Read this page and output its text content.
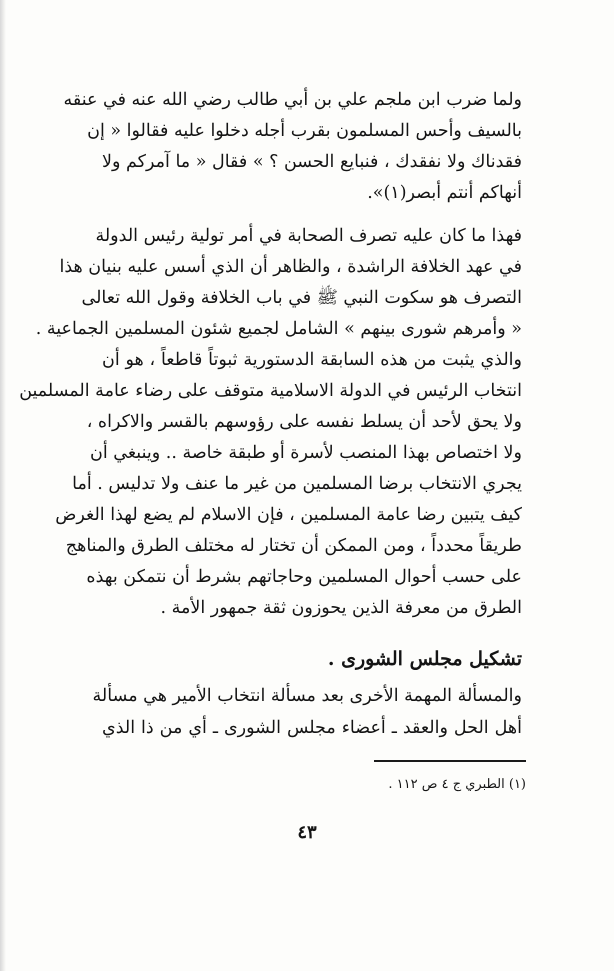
ولما ضرب ابن ملجم علي بن أبي طالب رضي الله عنه في عنقه
بالسيف وأحس المسلمون بقرب أجله دخلوا عليه فقالوا « إن
فقدناك ولا نفقدك ، فنبايع الحسن ؟ » فقال « ما آمركم ولا
أنهاكم أنتم أبصر(١)».
فهذا ما كان عليه تصرف الصحابة في أمر تولية رئيس الدولة
في عهد الخلافة الراشدة ، والظاهر أن الذي أسس عليه بنيان هذا
التصرف هو سكوت النبي ﷺ في باب الخلافة وقول الله تعالى
« وأمرهم شورى بينهم » الشامل لجميع شئون المسلمين الجماعية .
والذي يثبت من هذه السابقة الدستورية ثبوتاً قاطعاً ، هو أن
انتخاب الرئيس في الدولة الاسلامية متوقف على رضاء عامة المسلمين
ولا يحق لأحد أن يسلط نفسه على رؤوسهم بالقسر والاكراه ،
ولا اختصاص بهذا المنصب لأسرة أو طبقة خاصة .. وينبغي أن
يجري الانتخاب برضا المسلمين من غير ما عنف ولا تدليس . أما
كيف يتبين رضا عامة المسلمين ، فإن الاسلام لم يضع لهذا الغرض
طريقاً محدداً ، ومن الممكن أن تختار له مختلف الطرق والمناهج
على حسب أحوال المسلمين وحاجاتهم بشرط أن نتمكن بهذه
الطرق من معرفة الذين يحوزون ثقة جمهور الأمة .
تشكيل مجلس الشورى .
والمسألة المهمة الأخرى بعد مسألة انتخاب الأمير هي مسألة
أهل الحل والعقد ـ أعضاء مجلس الشورى ـ أي من ذا الذي
(١) الطبري ج ٤ ص ١١٢ .
٤٣
